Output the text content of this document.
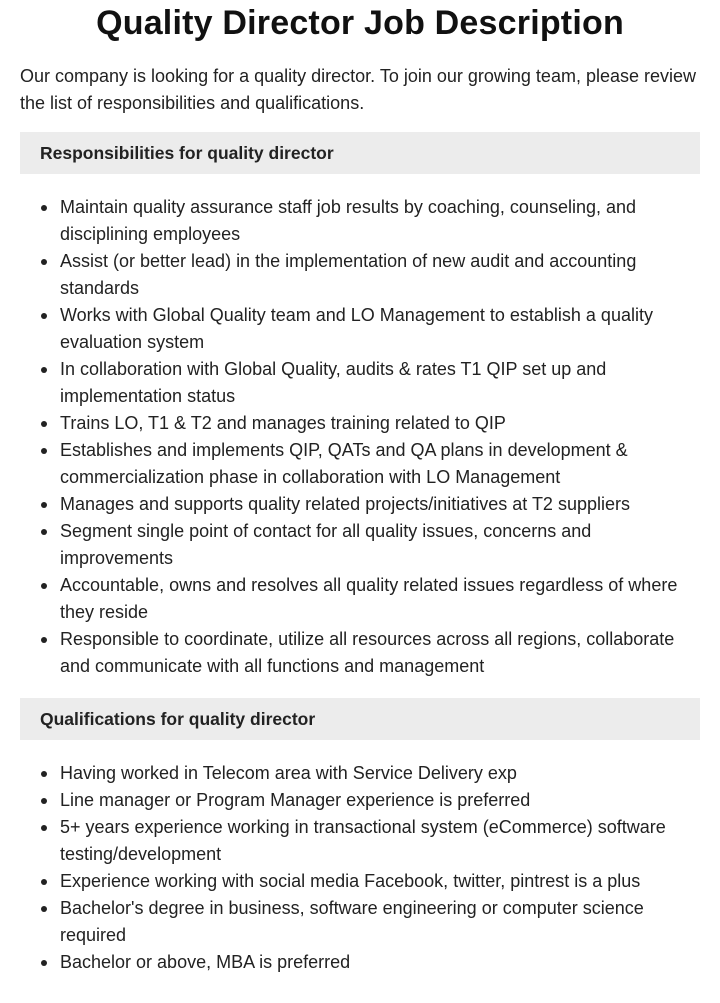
Quality Director Job Description

Our company is looking for a quality director. To join our growing team, please review the list of responsibilities and qualifications.

Responsibilities for quality director
Maintain quality assurance staff job results by coaching, counseling, and disciplining employees
Assist (or better lead) in the implementation of new audit and accounting standards
Works with Global Quality team and LO Management to establish a quality evaluation system
In collaboration with Global Quality, audits & rates T1 QIP set up and implementation status
Trains LO, T1 & T2 and manages training related to QIP
Establishes and implements QIP, QATs and QA plans in development & commercialization phase in collaboration with LO Management
Manages and supports quality related projects/initiatives at T2 suppliers
Segment single point of contact for all quality issues, concerns and improvements
Accountable, owns and resolves all quality related issues regardless of where they reside
Responsible to coordinate, utilize all resources across all regions, collaborate and communicate with all functions and management
Qualifications for quality director
Having worked in Telecom area with Service Delivery exp
Line manager or Program Manager experience is preferred
5+ years experience working in transactional system (eCommerce) software testing/development
Experience working with social media Facebook, twitter, pintrest is a plus
Bachelor's degree in business, software engineering or computer science required
Bachelor or above, MBA is preferred
